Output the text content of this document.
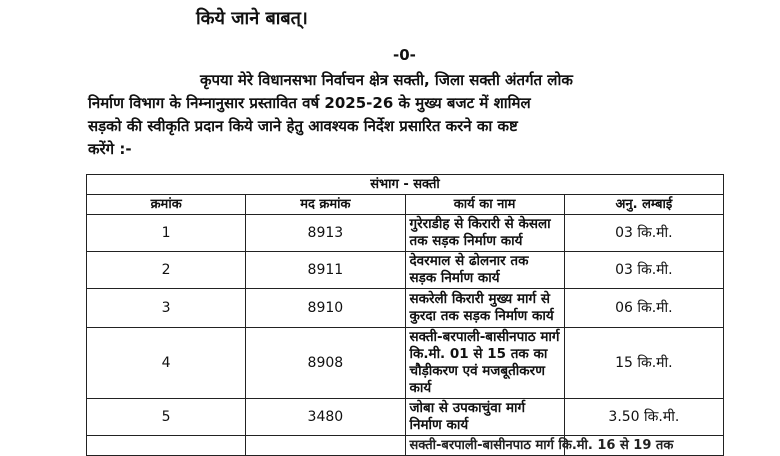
किये जाने बाबत्।
-0-
कृपया मेरे विधानसभा निर्वाचन क्षेत्र सक्ती, जिला सक्ती अंतर्गत लोक
निर्माण विभाग के निम्नानुसार प्रस्तावित वर्ष 2025-26 के मुख्य बजट में शामिल
सड़को की स्वीकृति प्रदान किये जाने हेतु आवश्यक निर्देश प्रसारित करने का कष्ट
करेंगे :-
संभाग - सक्ती			
क्रमांक	मद क्रमांक	कार्य का नाम	अनु. लम्बाई
1	8913	गुरेराडीह से किरारी से केसला तक सड़क निर्माण कार्य	03 कि.मी.
2	8911	देवरमाल से ढोलनार तक सड़क निर्माण कार्य	03 कि.मी.
3	8910	सकरेली किरारी मुख्य मार्ग से कुरदा तक सड़क निर्माण कार्य	06 कि.मी.
4	8908	सक्ती-बरपाली-बासीनपाठ मार्ग कि.मी. 01 से 15 तक का चौड़ीकरण एवं मजबूतीकरण कार्य	15 कि.मी.
5	3480	जोबा से उपकाचुंवा मार्ग निर्माण कार्य	3.50 कि.मी.
		सक्ती-बरपाली-बासीनपाठ मार्ग कि.मी. 16 से 19 तक	
